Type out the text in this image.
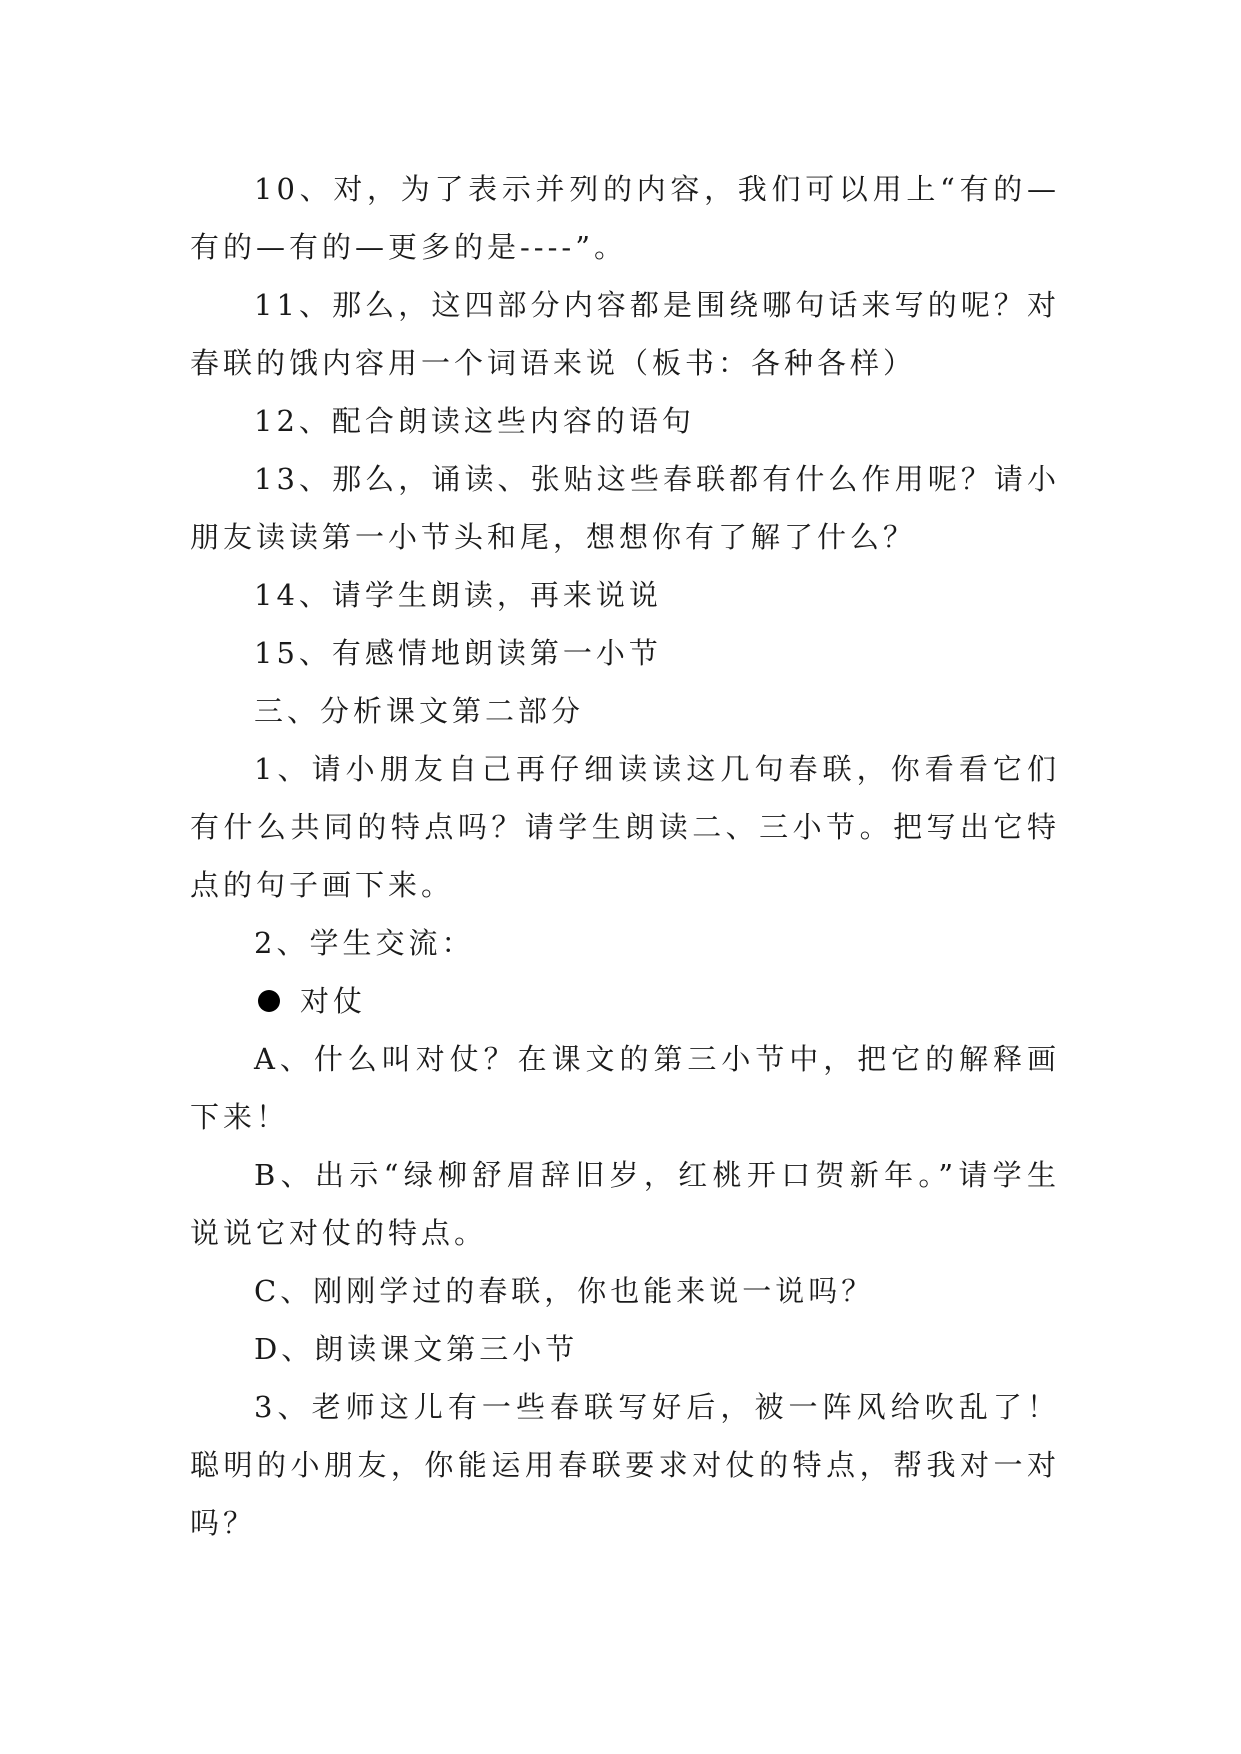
10、对，为了表示并列的内容，我们可以用上“有的—有的—有的—更多的是----”。

11、那么，这四部分内容都是围绕哪句话来写的呢？对春联的饿内容用一个词语来说（板书：各种各样）

12、配合朗读这些内容的语句

13、那么，诵读、张贴这些春联都有什么作用呢？请小朋友读读第一小节头和尾，想想你有了解了什么？

14、请学生朗读，再来说说

15、有感情地朗读第一小节

三、分析课文第二部分

1、请小朋友自己再仔细读读这几句春联，你看看它们有什么共同的特点吗？请学生朗读二、三小节。把写出它特点的句子画下来。

2、学生交流：

对仗

A、什么叫对仗？在课文的第三小节中，把它的解释画下来！

B、出示“绿柳舒眉辞旧岁，红桃开口贺新年。”请学生说说它对仗的特点。

C、刚刚学过的春联，你也能来说一说吗？

D、朗读课文第三小节

3、老师这儿有一些春联写好后，被一阵风给吹乱了！聪明的小朋友，你能运用春联要求对仗的特点，帮我对一对吗？
